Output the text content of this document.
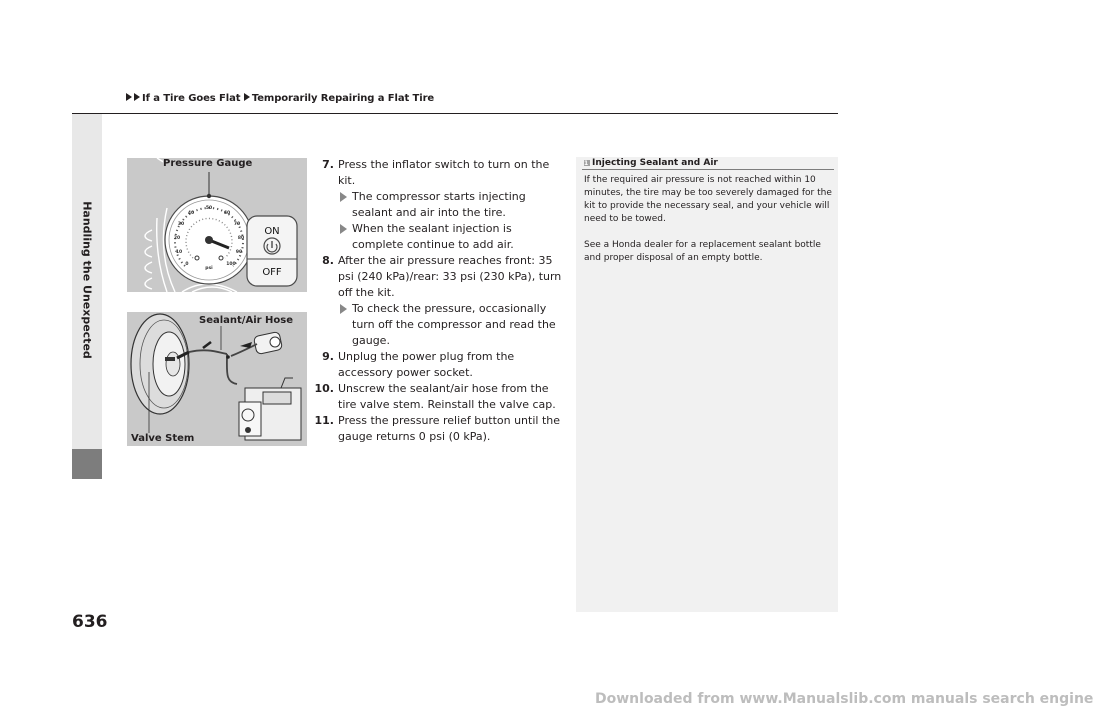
If a Tire Goes Flat Temporarily Repairing a Flat Tire
Handling the Unexpected
636
0
10
20
30
40
50
60
70
80
90
100
psi
ON
OFF
Pressure Gauge
Sealant/Air Hose
Valve Stem
7. Press the inflator switch to turn on the kit.
The compressor starts injecting sealant and air into the tire.
When the sealant injection is complete continue to add air.
8. After the air pressure reaches front: 35 psi (240 kPa)/rear: 33 psi (230 kPa), turn off the kit.
To check the pressure, occasionally turn off the compressor and read the gauge.
9. Unplug the power plug from the accessory power socket.
10. Unscrew the sealant/air hose from the tire valve stem. Reinstall the valve cap.
11. Press the pressure relief button until the gauge returns 0 psi (0 kPa).
1 Injecting Sealant and Air

If the required air pressure is not reached within 10 minutes, the tire may be too severely damaged for the kit to provide the necessary seal, and your vehicle will need to be towed.

See a Honda dealer for a replacement sealant bottle and proper disposal of an empty bottle.

Downloaded from www.Manualslib.com manuals search engine
